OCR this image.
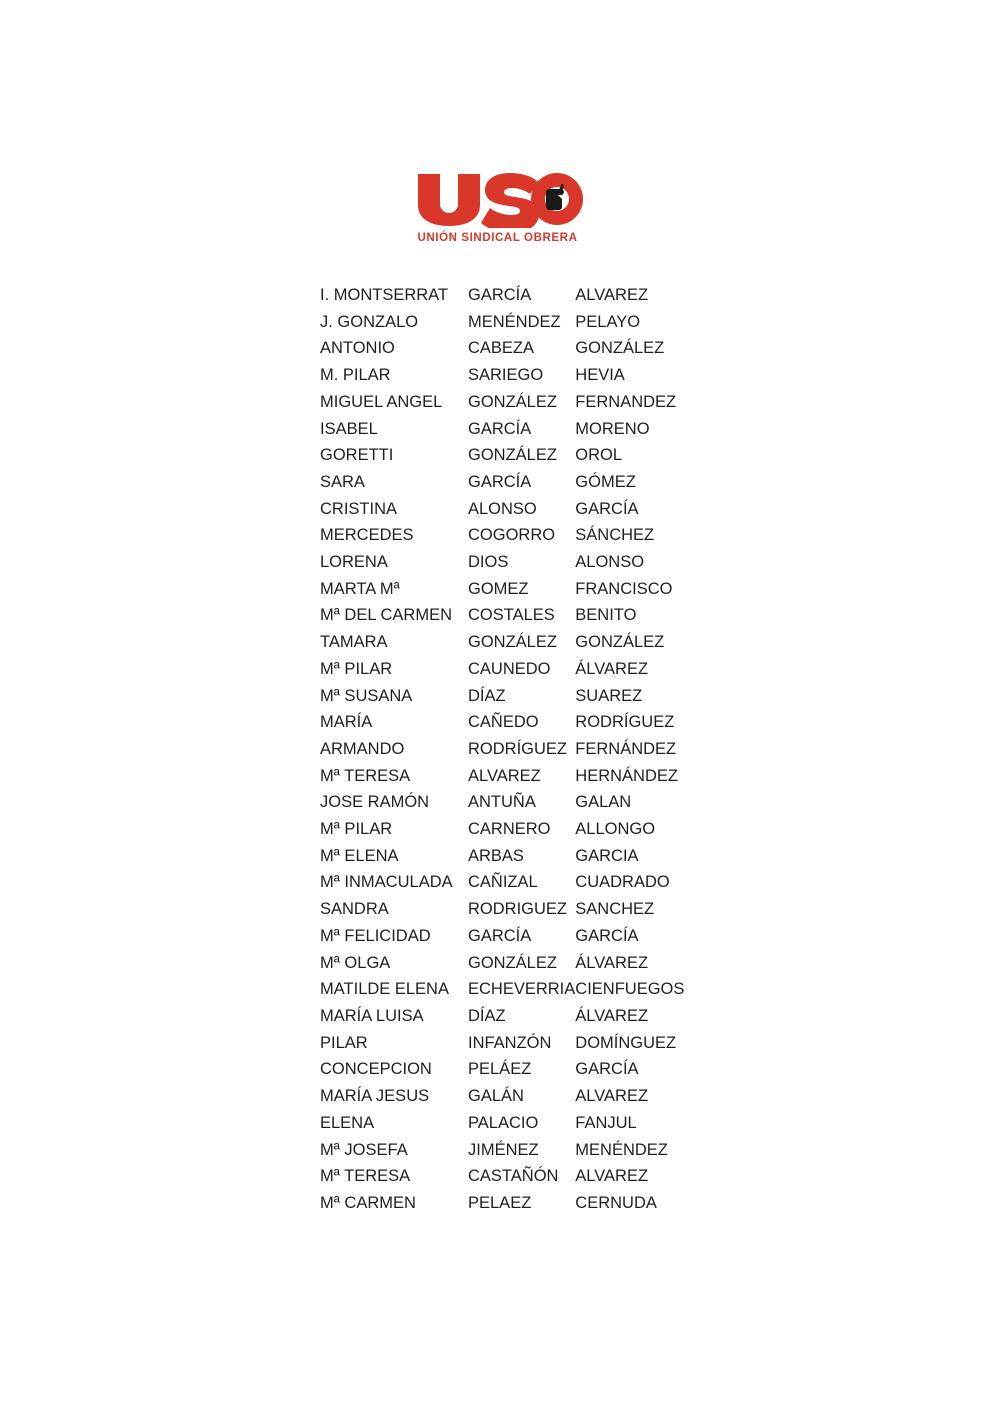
UNIÓN SINDICAL OBRERA
I. MONTSERRAT	GARCÍA	ALVAREZ
J. GONZALO	MENÉNDEZ	PELAYO
ANTONIO	CABEZA	GONZÁLEZ
M. PILAR	SARIEGO	HEVIA
MIGUEL ANGEL	GONZÁLEZ	FERNANDEZ
ISABEL	GARCÍA	MORENO
GORETTI	GONZÁLEZ	OROL
SARA	GARCÍA	GÓMEZ
CRISTINA	ALONSO	GARCÍA
MERCEDES	COGORRO	SÁNCHEZ
LORENA	DIOS	ALONSO
MARTA Mª	GOMEZ	FRANCISCO
Mª DEL CARMEN	COSTALES	BENITO
TAMARA	GONZÁLEZ	GONZÁLEZ
Mª PILAR	CAUNEDO	ÁLVAREZ
Mª SUSANA	DÍAZ	SUAREZ
MARÍA	CAÑEDO	RODRÍGUEZ
ARMANDO	RODRÍGUEZ	FERNÁNDEZ
Mª TERESA	ALVAREZ	HERNÁNDEZ
JOSE RAMÓN	ANTUÑA	GALAN
Mª PILAR	CARNERO	ALLONGO
Mª ELENA	ARBAS	GARCIA
Mª INMACULADA	CAÑIZAL	CUADRADO
SANDRA	RODRIGUEZ	SANCHEZ
Mª FELICIDAD	GARCÍA	GARCÍA
Mª OLGA	GONZÁLEZ	ÁLVAREZ
MATILDE ELENA	ECHEVERRIA	CIENFUEGOS
MARÍA LUISA	DÍAZ	ÁLVAREZ
PILAR	INFANZÓN	DOMÍNGUEZ
CONCEPCION	PELÁEZ	GARCÍA
MARÍA JESUS	GALÁN	ALVAREZ
ELENA	PALACIO	FANJUL
Mª JOSEFA	JIMÉNEZ	MENÉNDEZ
Mª TERESA	CASTAÑÓN	ALVAREZ
Mª CARMEN	PELAEZ	CERNUDA
